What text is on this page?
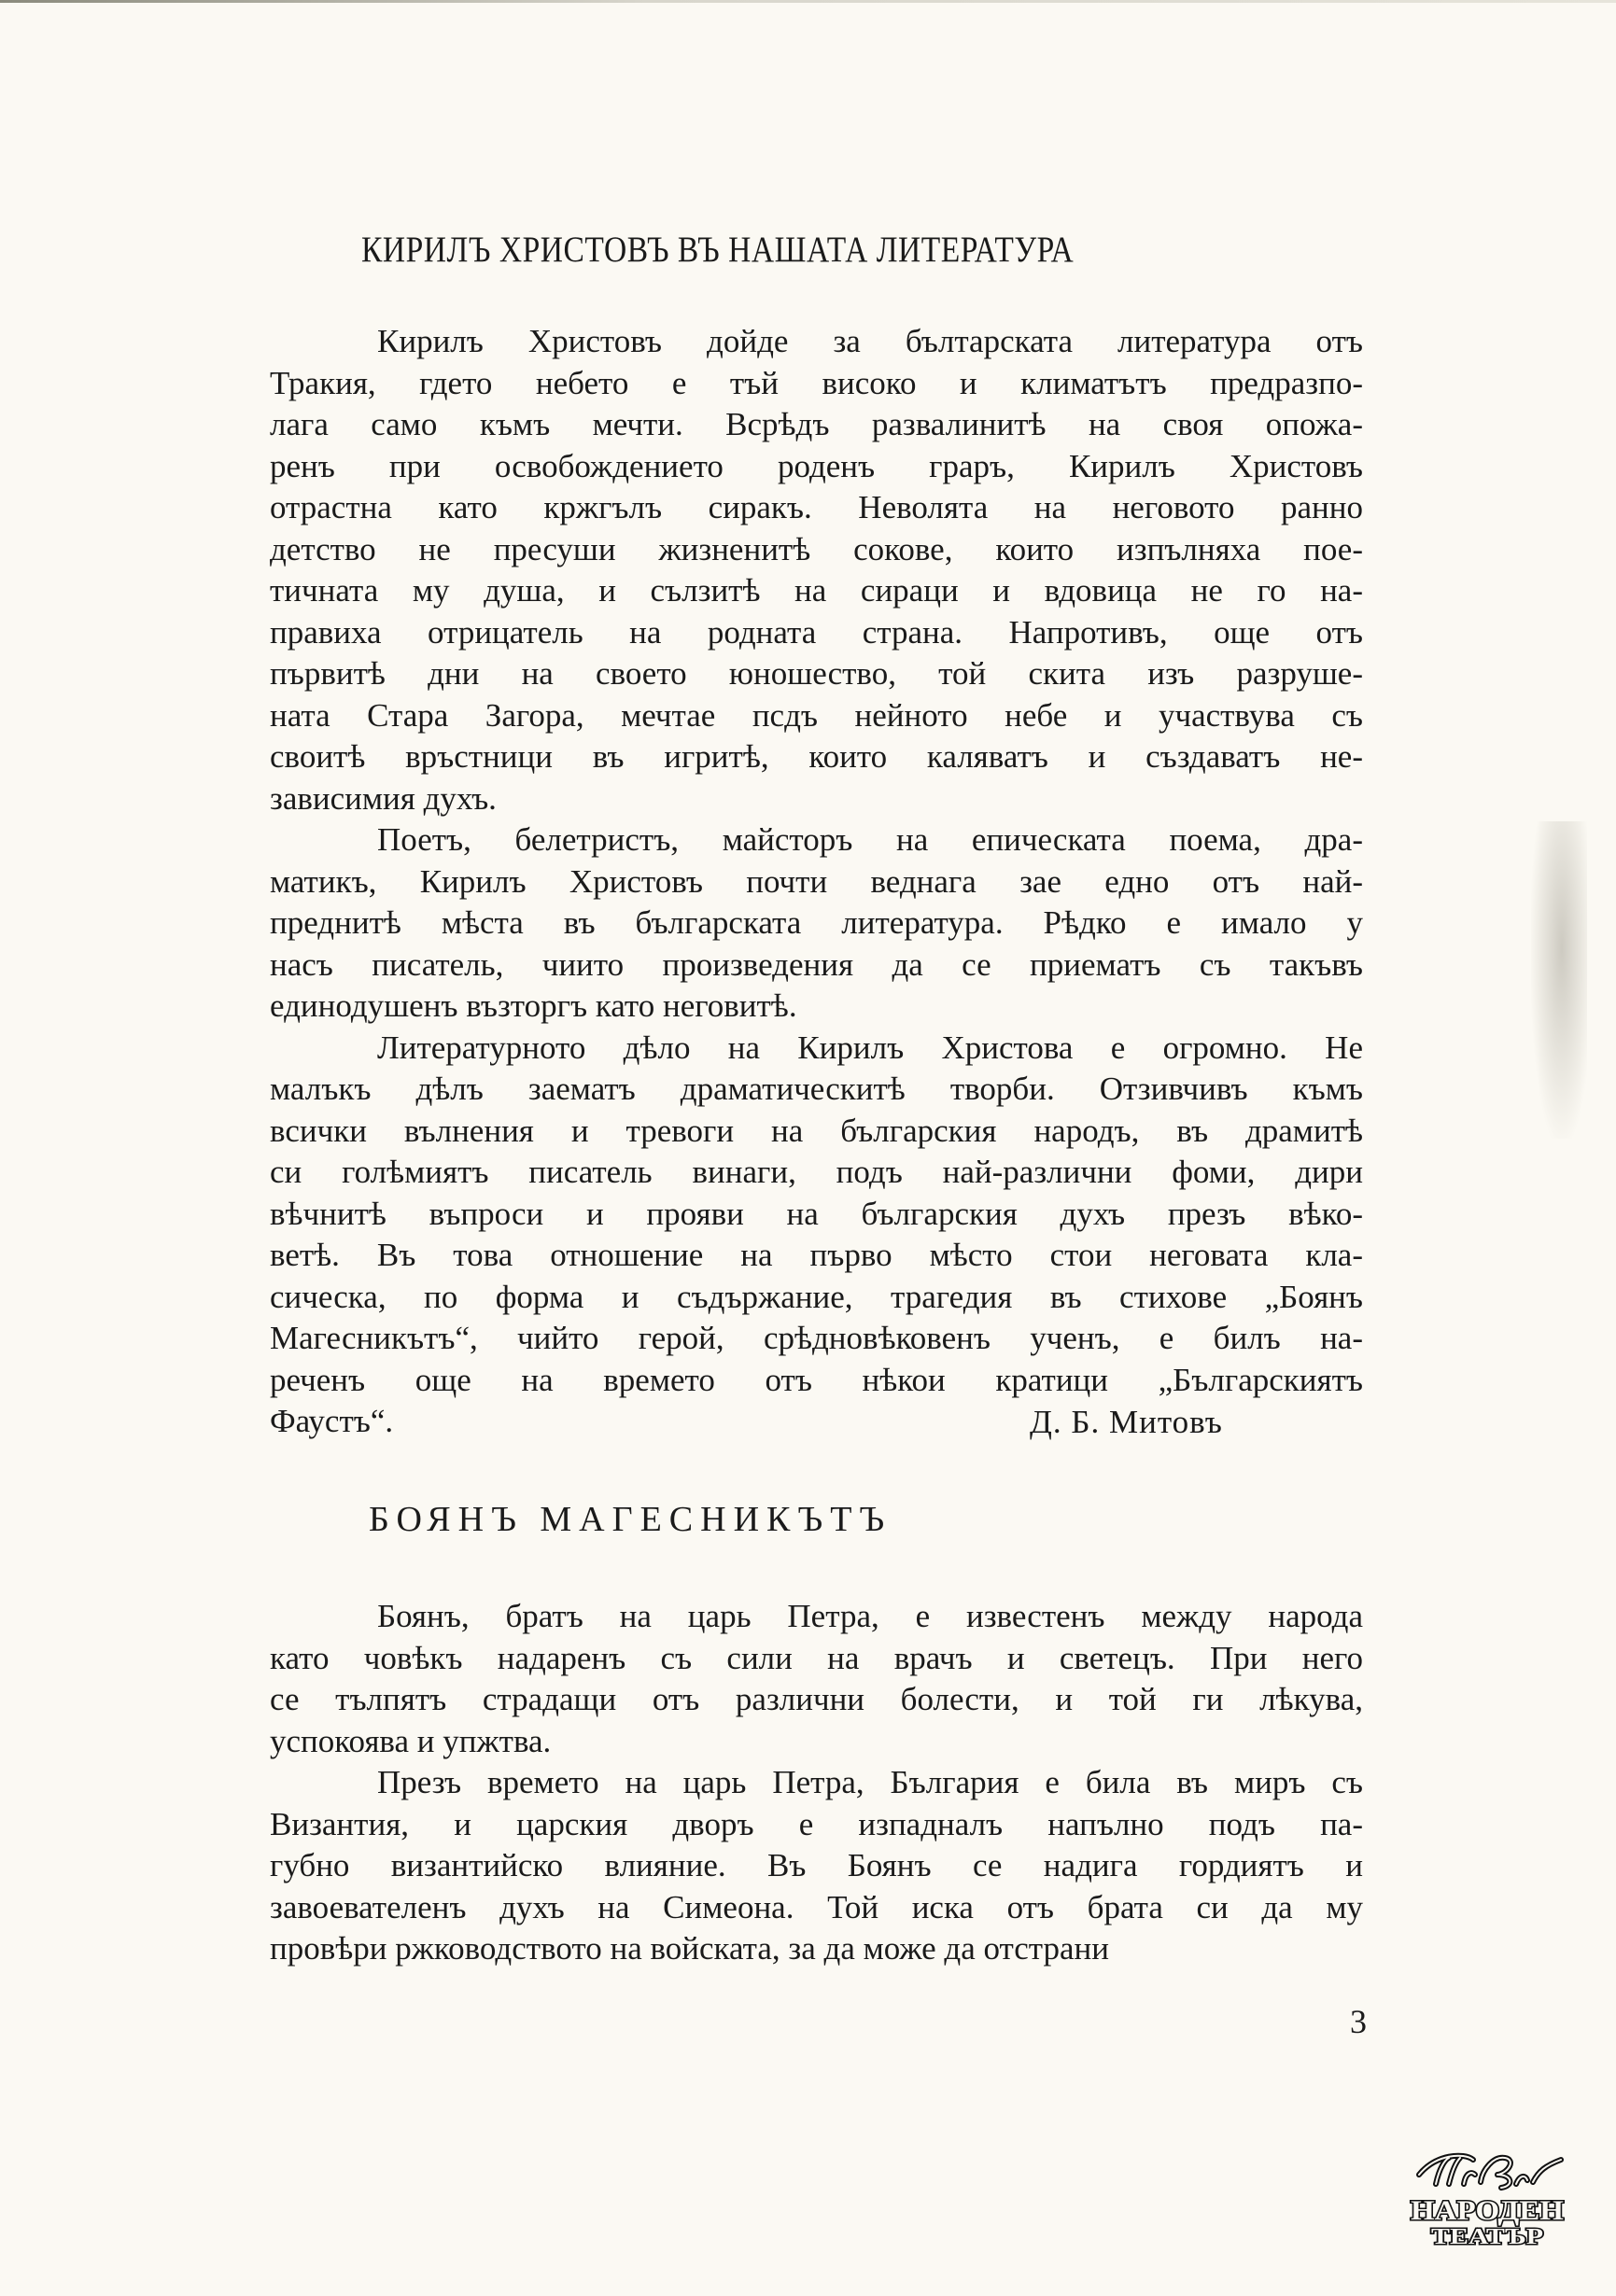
КИРИЛЪ ХРИСТОВЪ ВЪ НАШАТА ЛИТЕРАТУРА
Кирилъ Христовъ дойде за бълтарската литература отъ
Тракия, гдето небето е тъй високо и климатътъ предразпо-
лага само къмъ мечти. Всрѣдъ развалинитѣ на своя опожа-
ренъ при освобождението роденъ граръ, Кирилъ Христовъ
отрастна като кржгълъ сиракъ. Неволята на неговото ранно
детство не пресуши жизненитѣ сокове, които изпълняха пое-
тичната му душа, и сълзитѣ на сираци и вдовица не го на-
правиха отрицатель на родната страна. Напротивъ, още отъ
първитѣ дни на своето юношество, той скита изъ разруше-
ната Стара Загора, мечтае псдъ нейното небе и участвува съ
своитѣ връстници въ игритѣ, които каляватъ и създаватъ не-
зависимия духъ.
Поетъ, белетристъ, майсторъ на епическата поема, дра-
матикъ, Кирилъ Христовъ почти веднага зае едно отъ най-
преднитѣ мѣста въ българската литература. Рѣдко е имало у
насъ писатель, чиито произведения да се приематъ съ такъвъ
единодушенъ възторгъ като неговитѣ.
Литературното дѣло на Кирилъ Христова е огромно. Не
малъкъ дѣлъ заематъ драматическитѣ творби. Отзивчивъ къмъ
всички вълнения и тревоги на българския народъ, въ драмитѣ
си голѣмиятъ писатель винаги, подъ най-различни фоми, дири
вѣчнитѣ въпроси и прояви на българския духъ презъ вѣко-
ветѣ. Въ това отношение на първо мѣсто стои неговата кла-
сическа, по форма и съдържание, трагедия въ стихове „Боянъ
Магесникътъ“, чийто герой, срѣдновѣковенъ ученъ, е билъ на-
реченъ още на времето отъ нѣкои кратици „Българскиятъ
Фаустъ“.	Д. Б. Митовъ
БОЯНЪ МАГЕСНИКЪТЪ
Боянъ, братъ на царь Петра, е известенъ между народа
като човѣкъ надаренъ съ сили на врачъ и светецъ. При него
се тълпятъ страдащи отъ различни болести, и той ги лѣкува,
успокоява и упжтва.
Презъ времето на царь Петра, България е била въ миръ съ
Византия, и царския дворъ е изпадналъ напълно подъ па-
губно византийско влияние. Въ Боянъ се надига гордиятъ и
завоевателенъ духъ на Симеона. Той иска отъ брата си да му
провѣри ржководството на войската, за да може да отстрани
3
НАРОДЕН
ТЕАТЪР
